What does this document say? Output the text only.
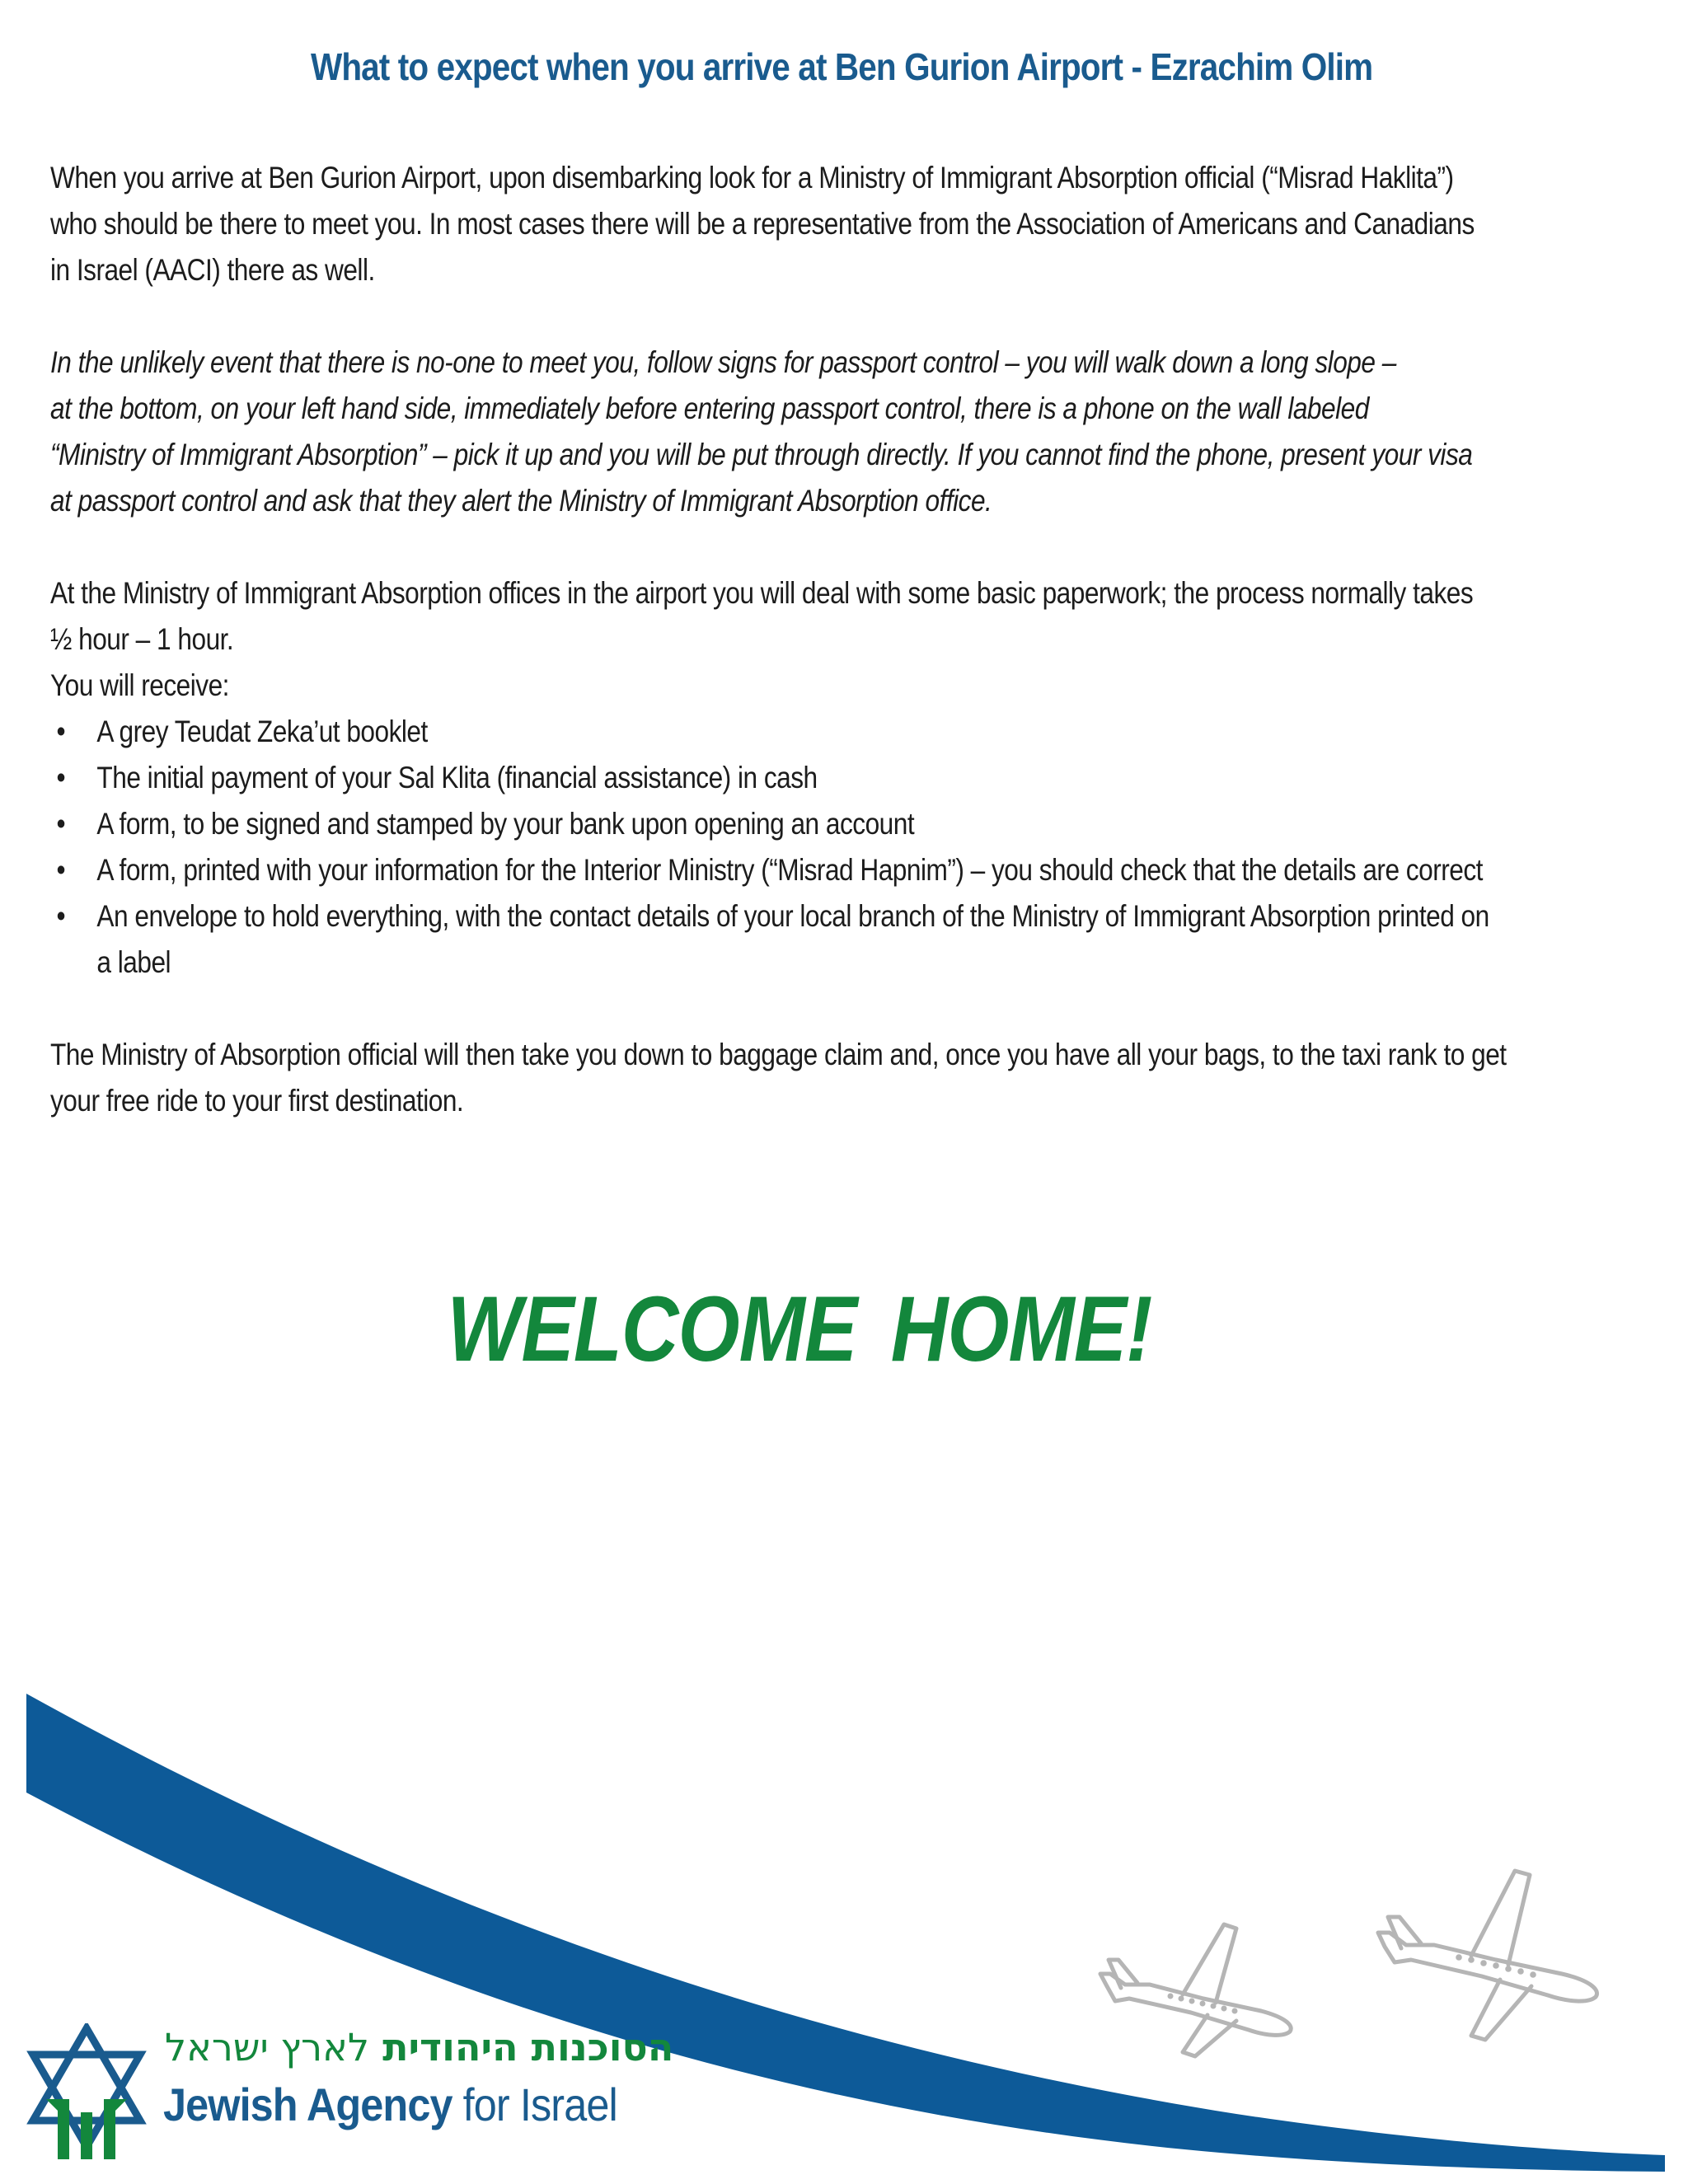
What to expect when you arrive at Ben Gurion Airport - Ezrachim Olim

When you arrive at Ben Gurion Airport, upon disembarking look for a Ministry of Immigrant Absorption official (“Misrad Haklita”)
who should be there to meet you. In most cases there will be a representative from the Association of Americans and Canadians
in Israel (AACI) there as well.

In the unlikely event that there is no-one to meet you, follow signs for passport control – you will walk down a long slope –
at the bottom, on your left hand side, immediately before entering passport control, there is a phone on the wall labeled
“Ministry of Immigrant Absorption” – pick it up and you will be put through directly. If you cannot find the phone, present your visa
at passport control and ask that they alert the Ministry of Immigrant Absorption office.

At the Ministry of Immigrant Absorption offices in the airport you will deal with some basic paperwork; the process normally takes
½ hour – 1 hour.
You will receive:

• A grey Teudat Zeka’ut booklet
• The initial payment of your Sal Klita (financial assistance) in cash
• A form, to be signed and stamped by your bank upon opening an account
• A form, printed with your information for the Interior Ministry (“Misrad Hapnim”) – you should check that the details are correct
• An envelope to hold everything, with the contact details of your local branch of the Ministry of Immigrant Absorption printed on
a label

The Ministry of Absorption official will then take you down to baggage claim and, once you have all your bags, to the taxi rank to get
your free ride to your first destination.

WELCOME HOME!
הסוכנות היהודית לארץ ישראל
Jewish Agency for Israel
